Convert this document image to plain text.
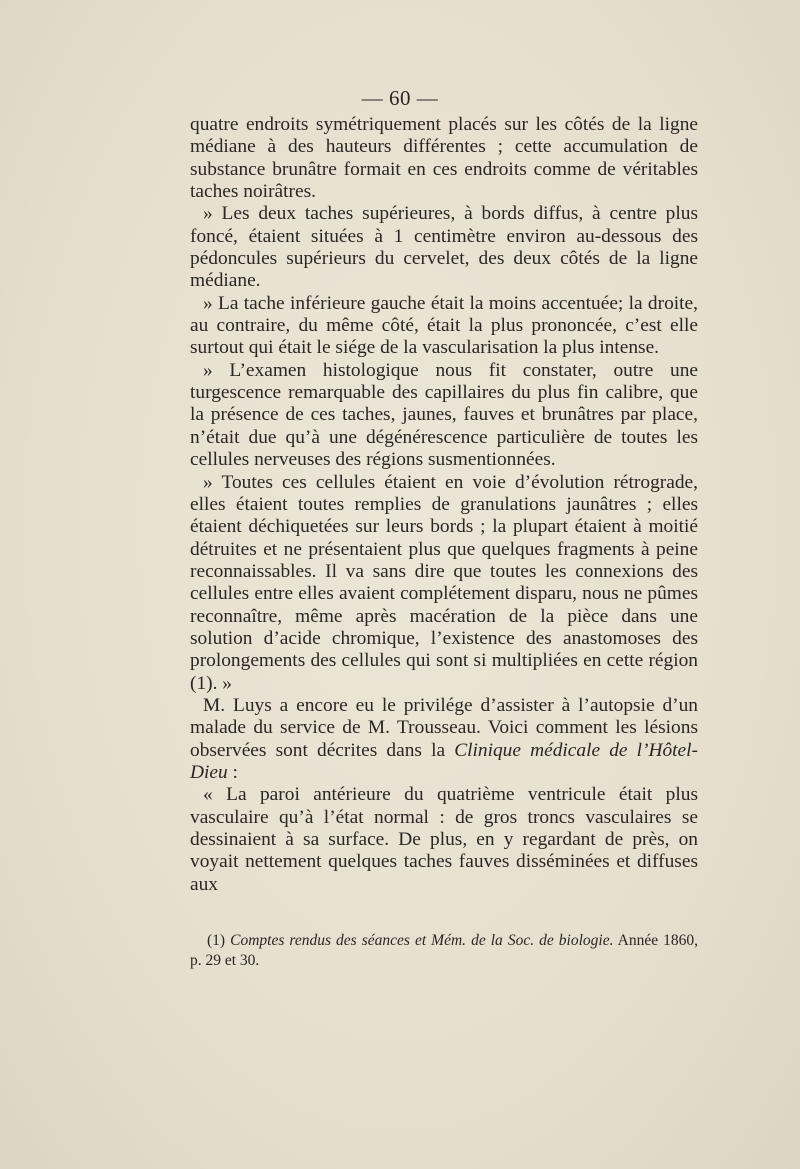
— 60 —

quatre endroits symétriquement placés sur les côtés de la ligne médiane à des hauteurs différentes ; cette accumulation de substance brunâtre formait en ces endroits comme de véritables taches noirâtres.

» Les deux taches supérieures, à bords diffus, à centre plus foncé, étaient situées à 1 centimètre environ au-dessous des pédoncules supérieurs du cervelet, des deux côtés de la ligne médiane.

» La tache inférieure gauche était la moins accentuée; la droite, au contraire, du même côté, était la plus prononcée, c’est elle surtout qui était le siége de la vascularisation la plus intense.

» L’examen histologique nous fit constater, outre une turgescence remarquable des capillaires du plus fin calibre, que la présence de ces taches, jaunes, fauves et brunâtres par place, n’était due qu’à une dégénérescence particulière de toutes les cellules nerveuses des régions susmentionnées.

» Toutes ces cellules étaient en voie d’évolution rétrograde, elles étaient toutes remplies de granulations jaunâtres ; elles étaient déchiquetées sur leurs bords ; la plupart étaient à moitié détruites et ne présentaient plus que quelques fragments à peine reconnaissables. Il va sans dire que toutes les connexions des cellules entre elles avaient complétement disparu, nous ne pûmes reconnaître, même après macération de la pièce dans une solution d’acide chromique, l’existence des anastomoses des prolongements des cellules qui sont si multipliées en cette région (1). »

M. Luys a encore eu le privilége d’assister à l’autopsie d’un malade du service de M. Trousseau. Voici comment les lésions observées sont décrites dans la Clinique médicale de l’Hôtel-Dieu :

« La paroi antérieure du quatrième ventricule était plus vasculaire qu’à l’état normal : de gros troncs vasculaires se dessinaient à sa surface. De plus, en y regardant de près, on voyait nettement quelques taches fauves disséminées et diffuses aux

(1) Comptes rendus des séances et Mém. de la Soc. de biologie. Année 1860, p. 29 et 30.
